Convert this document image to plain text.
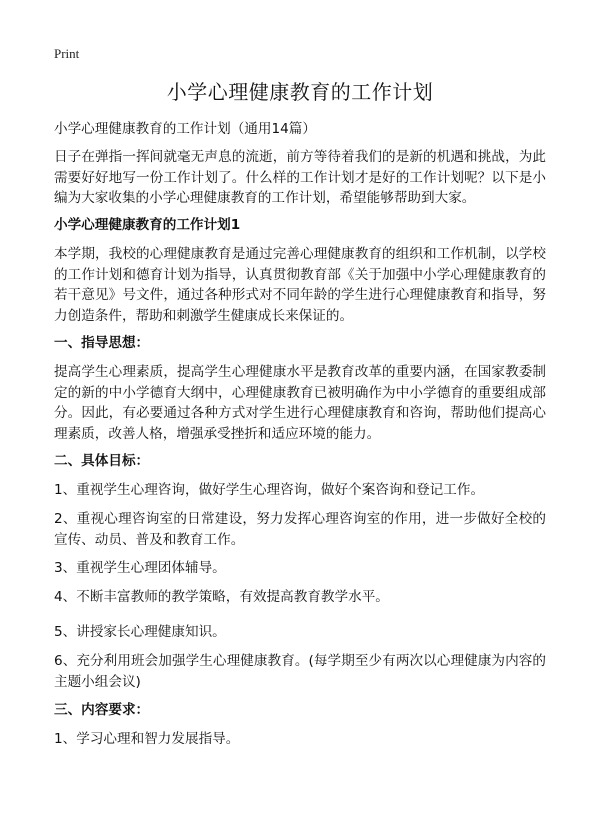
Print
小学心理健康教育的工作计划
小学心理健康教育的工作计划（通用14篇）
日子在弹指一挥间就毫无声息的流逝，前方等待着我们的是新的机遇和挑战，为此需要好好地写一份工作计划了。什么样的工作计划才是好的工作计划呢？以下是小编为大家收集的小学心理健康教育的工作计划，希望能够帮助到大家。
小学心理健康教育的工作计划1
本学期，我校的心理健康教育是通过完善心理健康教育的组织和工作机制，以学校的工作计划和德育计划为指导，认真贯彻教育部《关于加强中小学心理健康教育的若干意见》号文件，通过各种形式对不同年龄的学生进行心理健康教育和指导，努力创造条件，帮助和刺激学生健康成长来保证的。
一、指导思想：
提高学生心理素质，提高学生心理健康水平是教育改革的重要内涵，在国家教委制定的新的中小学德育大纲中，心理健康教育已被明确作为中小学德育的重要组成部分。因此，有必要通过各种方式对学生进行心理健康教育和咨询，帮助他们提高心理素质，改善人格，增强承受挫折和适应环境的能力。
二、具体目标：
1、重视学生心理咨询，做好学生心理咨询，做好个案咨询和登记工作。
2、重视心理咨询室的日常建设，努力发挥心理咨询室的作用，进一步做好全校的宣传、动员、普及和教育工作。
3、重视学生心理团体辅导。
4、不断丰富教师的教学策略，有效提高教育教学水平。
5、讲授家长心理健康知识。
6、充分利用班会加强学生心理健康教育。(每学期至少有两次以心理健康为内容的主题小组会议)
三、内容要求：
1、学习心理和智力发展指导。
